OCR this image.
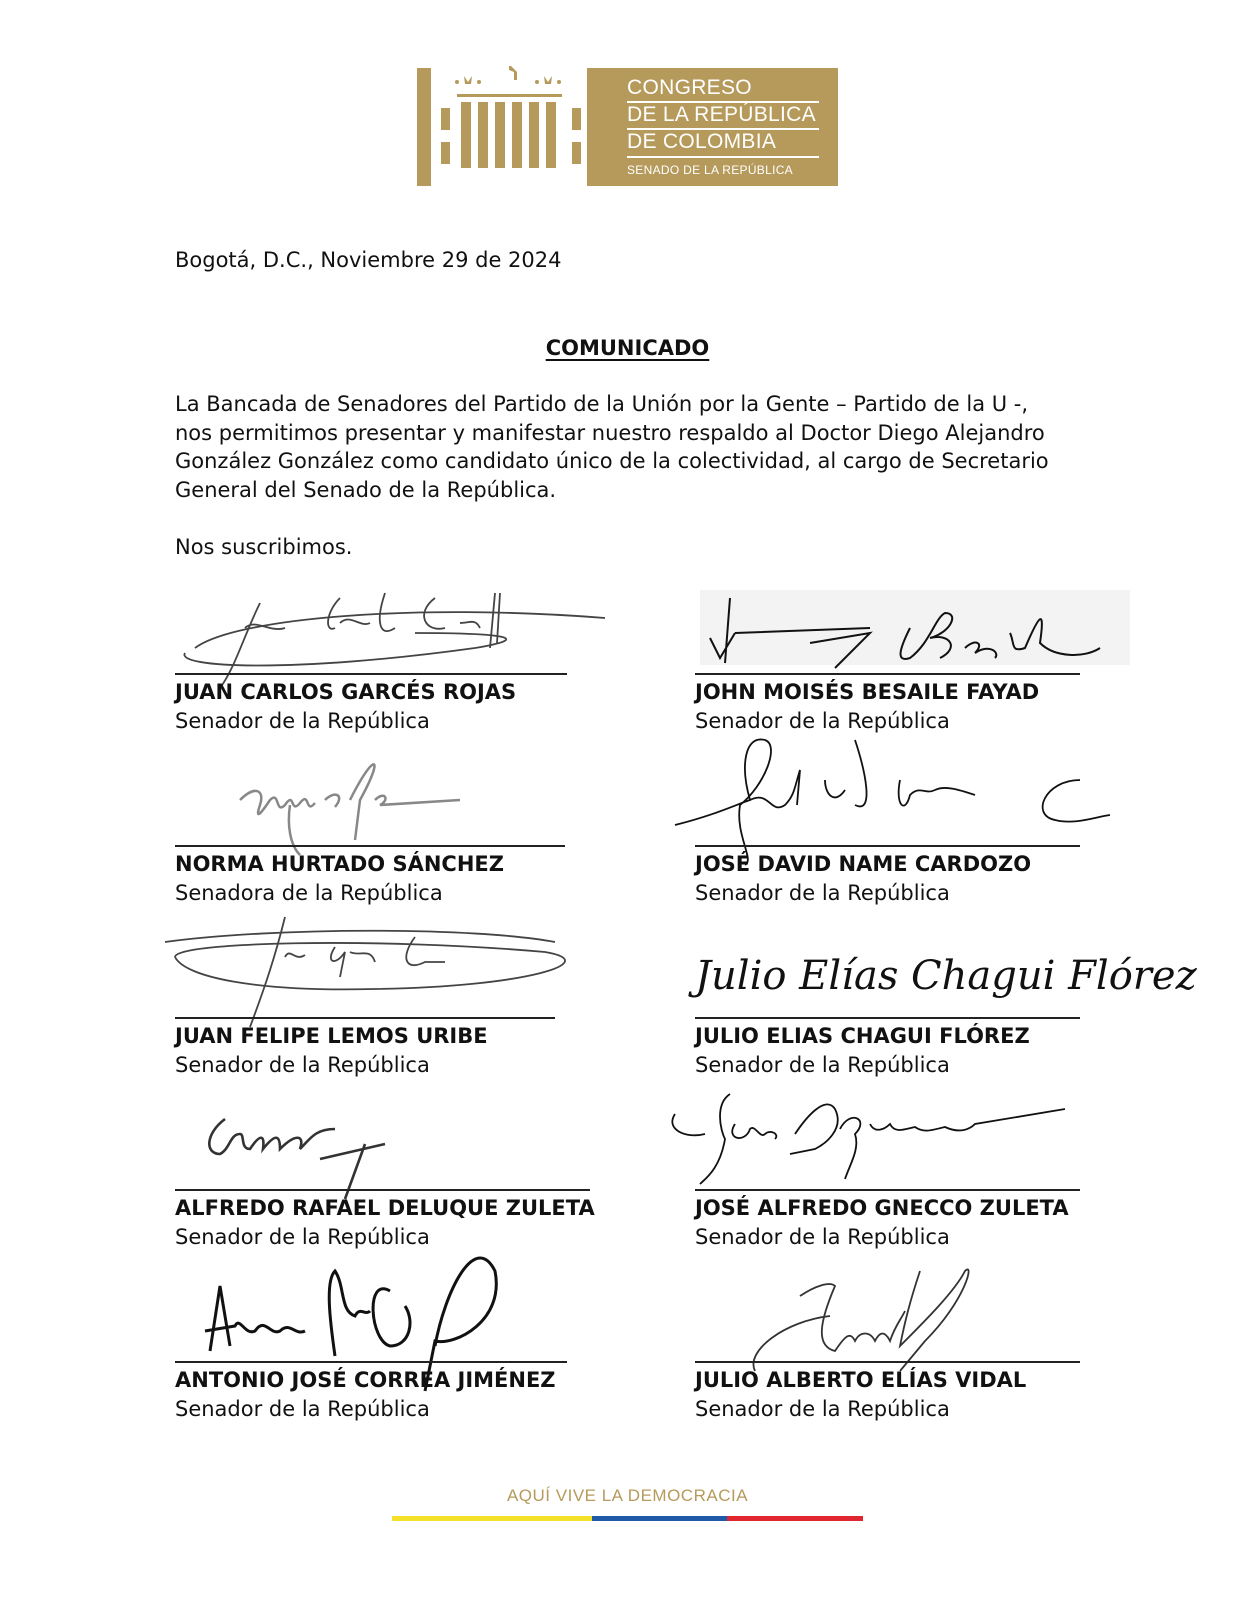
CONGRESO
DE LA REPÚBLICA
DE COLOMBIA
SENADO DE LA REPÚBLICA
Bogotá, D.C., Noviembre 29 de 2024
COMUNICADO
La Bancada de Senadores del Partido de la Unión por la Gente – Partido de la U -,
nos permitimos presentar y manifestar nuestro respaldo al Doctor Diego Alejandro
González González como candidato único de la colectividad, al cargo de Secretario
General del Senado de la República.
Nos suscribimos.
JUAN CARLOS GARCÉS ROJAS
Senador de la República
JOHN MOISÉS BESAILE FAYAD
Senador de la República
NORMA HURTADO SÁNCHEZ
Senadora de la República
JOSÉ DAVID NAME CARDOZO
Senador de la República
JUAN FELIPE LEMOS URIBE
Senador de la República
Julio Elías Chagui Flórez
JULIO ELIAS CHAGUI FLÓREZ
Senador de la República
ALFREDO RAFAEL DELUQUE ZULETA
Senador de la República
JOSÉ ALFREDO GNECCO ZULETA
Senador de la República
ANTONIO JOSÉ CORREA JIMÉNEZ
Senador de la República
JULIO ALBERTO ELÍAS VIDAL
Senador de la República
AQUÍ VIVE LA DEMOCRACIA
